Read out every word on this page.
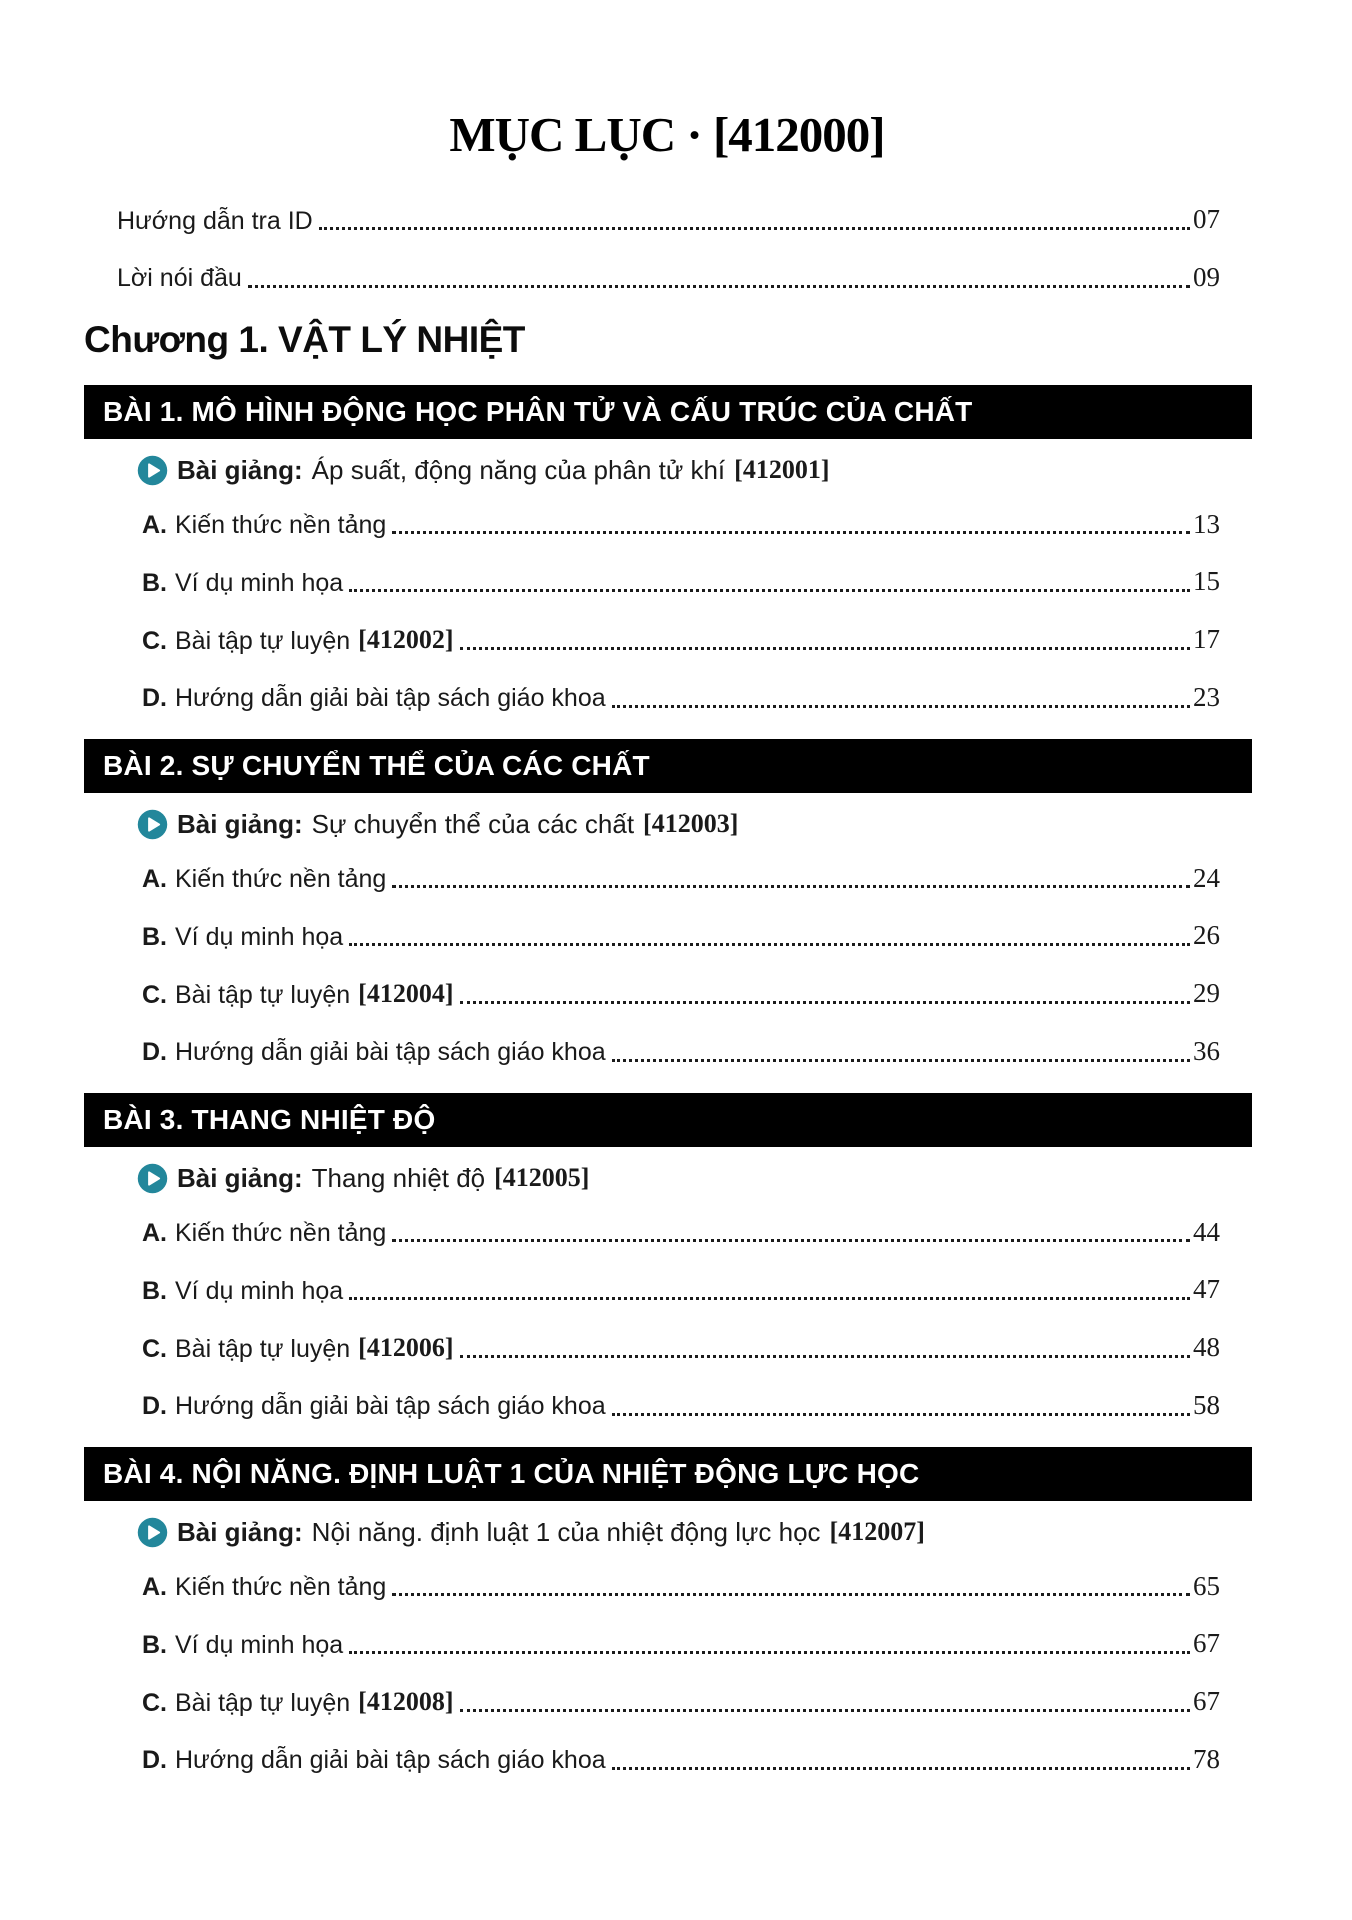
MỤC LỤC · [412000]
Hướng dẫn tra ID	07
Lời nói đầu	09
Chương 1. VẬT LÝ NHIỆT
BÀI 1. MÔ HÌNH ĐỘNG HỌC PHÂN TỬ VÀ CẤU TRÚC CỦA CHẤT
Bài giảng: Áp suất, động năng của phân tử khí [412001]
A. Kiến thức nền tảng	13
B. Ví dụ minh họa	15
C. Bài tập tự luyện [412002]	17
D. Hướng dẫn giải bài tập sách giáo khoa	23
BÀI 2. SỰ CHUYỂN THỂ CỦA CÁC CHẤT
Bài giảng: Sự chuyển thể của các chất [412003]
A. Kiến thức nền tảng	24
B. Ví dụ minh họa	26
C. Bài tập tự luyện [412004]	29
D. Hướng dẫn giải bài tập sách giáo khoa	36
BÀI 3. THANG NHIỆT ĐỘ
Bài giảng: Thang nhiệt độ [412005]
A. Kiến thức nền tảng	44
B. Ví dụ minh họa	47
C. Bài tập tự luyện [412006]	48
D. Hướng dẫn giải bài tập sách giáo khoa	58
BÀI 4. NỘI NĂNG. ĐỊNH LUẬT 1 CỦA NHIỆT ĐỘNG LỰC HỌC
Bài giảng: Nội năng. định luật 1 của nhiệt động lực học [412007]
A. Kiến thức nền tảng	65
B. Ví dụ minh họa	67
C. Bài tập tự luyện [412008]	67
D. Hướng dẫn giải bài tập sách giáo khoa	78
